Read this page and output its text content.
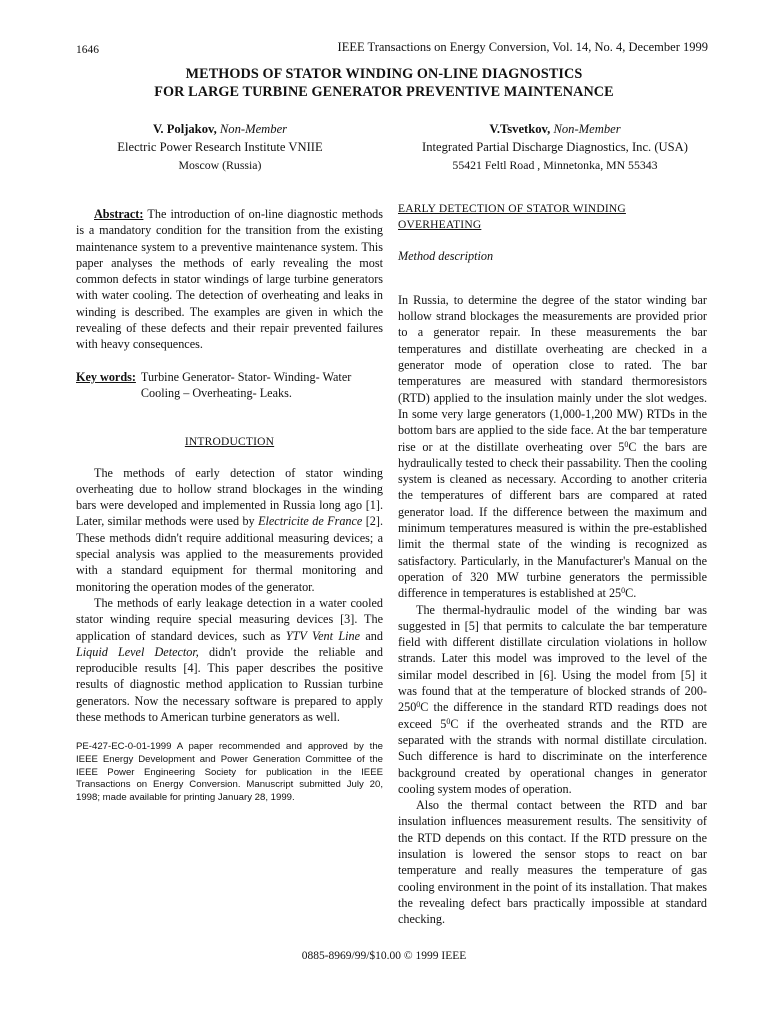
1646	IEEE Transactions on Energy Conversion, Vol. 14, No. 4, December 1999
METHODS OF STATOR WINDING ON-LINE DIAGNOSTICS
FOR LARGE TURBINE GENERATOR PREVENTIVE MAINTENANCE
V. Poljakov, Non-Member
Electric Power Research Institute VNIIE
Moscow (Russia)
V.Tsvetkov, Non-Member
Integrated Partial Discharge Diagnostics, Inc. (USA)
55421 Feltl Road , Minnetonka, MN 55343

Abstract: The introduction of on-line diagnostic methods is a mandatory condition for the transition from the existing maintenance system to a preventive maintenance system. This paper analyses the methods of early revealing the most common defects in stator windings of large turbine generators with water cooling. The detection of overheating and leaks in winding is described. The examples are given in which the revealing of these defects and their repair prevented failures with heavy consequences.

Key words: Turbine Generator- Stator- Winding- Water Cooling – Overheating- Leaks.
INTRODUCTION

The methods of early detection of stator winding overheating due to hollow strand blockages in the winding bars were developed and implemented in Russia long ago [1]. Later, similar methods were used by Electricite de France [2]. These methods didn't require additional measuring devices; a special analysis was applied to the measurements provided with a standard equipment for thermal monitoring and monitoring the operation modes of the generator.

The methods of early leakage detection in a water cooled stator winding require special measuring devices [3]. The application of standard devices, such as YTV Vent Line and Liquid Level Detector, didn't provide the reliable and reproducible results [4]. This paper describes the positive results of diagnostic method application to Russian turbine generators. Now the necessary software is prepared to apply these methods to American turbine generators as well.

PE-427-EC-0-01-1999 A paper recommended and approved by the IEEE Energy Development and Power Generation Committee of the IEEE Power Engineering Society for publication in the IEEE Transactions on Energy Conversion. Manuscript submitted July 20, 1998; made available for printing January 28, 1999.

EARLY DETECTION OF STATOR WINDING OVERHEATING

Method description

In Russia, to determine the degree of the stator winding bar hollow strand blockages the measurements are provided prior to a generator repair. In these measurements the bar temperatures and distillate overheating are checked in a generator mode of operation close to rated. The bar temperatures are measured with standard thermoresistors (RTD) applied to the insulation mainly under the slot wedges. In some very large generators (1,000-1,200 MW) RTDs in the bottom bars are applied to the side face. At the bar temperature rise or at the distillate overheating over $5^0C$ the bars are hydraulically tested to check their passability. Then the cooling system is cleaned as necessary. According to another criteria the temperatures of different bars are compared at rated generator load. If the difference between the maximum and minimum temperatures measured is within the pre-established limit the thermal state of the winding is recognized as satisfactory. Particularly, in the Manufacturer's Manual on the operation of 320 MW turbine generators the permissible difference in temperatures is established at $25^0C$.

The thermal-hydraulic model of the winding bar was suggested in [5] that permits to calculate the bar temperature field with different distillate circulation violations in hollow strands. Later this model was improved to the level of the similar model described in [6]. Using the model from [5] it was found that at the temperature of blocked strands of $200-250^0C$ the difference in the standard RTD readings does not exceed $5^0C$ if the overheated strands and the RTD are separated with the strands with normal distillate circulation. Such difference is hard to discriminate on the interference background created by operational changes in generator cooling system modes of operation.

Also the thermal contact between the RTD and bar insulation influences measurement results. The sensitivity of the RTD depends on this contact. If the RTD pressure on the insulation is lowered the sensor stops to react on bar temperature and really measures the temperature of gas cooling environment in the point of its installation. That makes the revealing defect bars practically impossible at standard checking.

0885-8969/99/$10.00 © 1999 IEEE
